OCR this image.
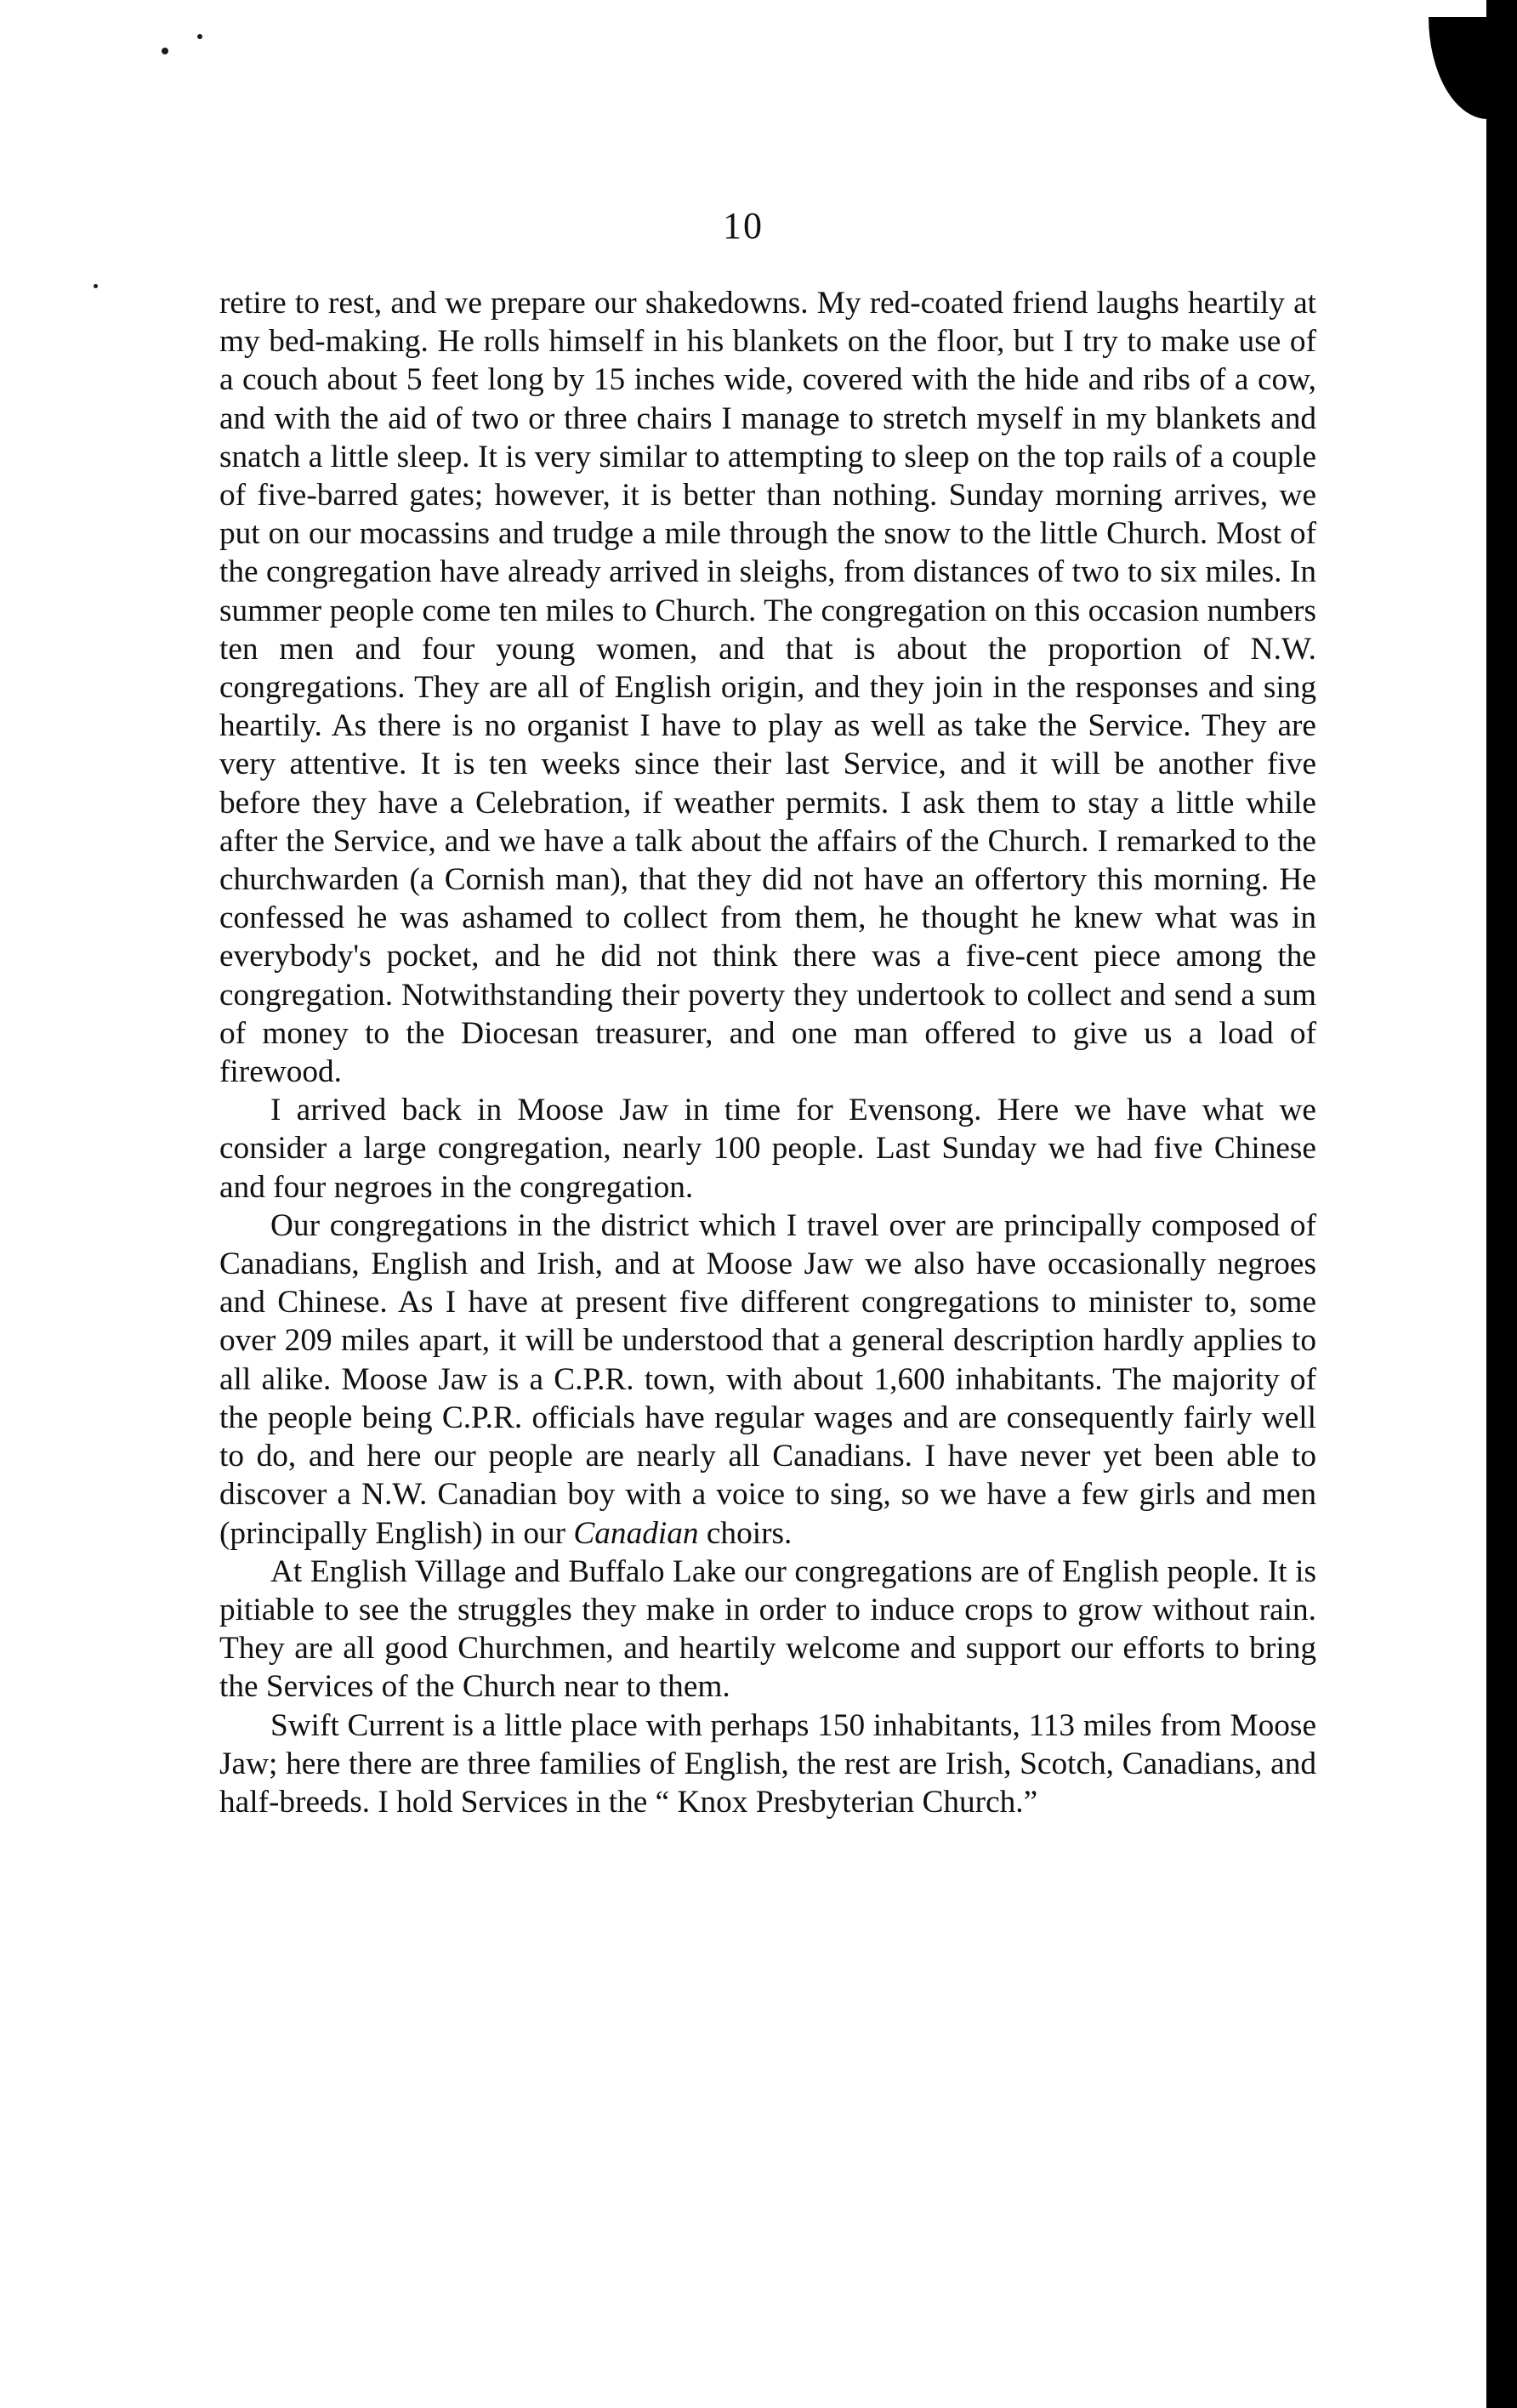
10

retire to rest, and we prepare our shakedowns. My red-coated friend laughs heartily at my bed-making. He rolls himself in his blankets on the floor, but I try to make use of a couch about 5 feet long by 15 inches wide, covered with the hide and ribs of a cow, and with the aid of two or three chairs I manage to stretch myself in my blankets and snatch a little sleep. It is very similar to attempting to sleep on the top rails of a couple of five-barred gates; however, it is better than nothing. Sunday morning arrives, we put on our mocassins and trudge a mile through the snow to the little Church. Most of the congregation have already arrived in sleighs, from distances of two to six miles. In summer people come ten miles to Church. The congregation on this occasion numbers ten men and four young women, and that is about the proportion of N.W. congregations. They are all of English origin, and they join in the responses and sing heartily. As there is no organist I have to play as well as take the Service. They are very attentive. It is ten weeks since their last Service, and it will be another five before they have a Celebration, if weather permits. I ask them to stay a little while after the Service, and we have a talk about the affairs of the Church. I remarked to the churchwarden (a Cornish man), that they did not have an offertory this morning. He confessed he was ashamed to collect from them, he thought he knew what was in everybody's pocket, and he did not think there was a five-cent piece among the congregation. Notwithstanding their poverty they undertook to collect and send a sum of money to the Diocesan treasurer, and one man offered to give us a load of firewood.

I arrived back in Moose Jaw in time for Evensong. Here we have what we consider a large congregation, nearly 100 people. Last Sunday we had five Chinese and four negroes in the congregation.

Our congregations in the district which I travel over are principally composed of Canadians, English and Irish, and at Moose Jaw we also have occasionally negroes and Chinese. As I have at present five different congregations to minister to, some over 209 miles apart, it will be understood that a general description hardly applies to all alike. Moose Jaw is a C.P.R. town, with about 1,600 inhabitants. The majority of the people being C.P.R. officials have regular wages and are consequently fairly well to do, and here our people are nearly all Canadians. I have never yet been able to discover a N.W. Canadian boy with a voice to sing, so we have a few girls and men (principally English) in our Canadian choirs.

At English Village and Buffalo Lake our congregations are of English people. It is pitiable to see the struggles they make in order to induce crops to grow without rain. They are all good Churchmen, and heartily welcome and support our efforts to bring the Services of the Church near to them.

Swift Current is a little place with perhaps 150 inhabitants, 113 miles from Moose Jaw; here there are three families of English, the rest are Irish, Scotch, Canadians, and half-breeds. I hold Services in the “ Knox Presbyterian Church.”
